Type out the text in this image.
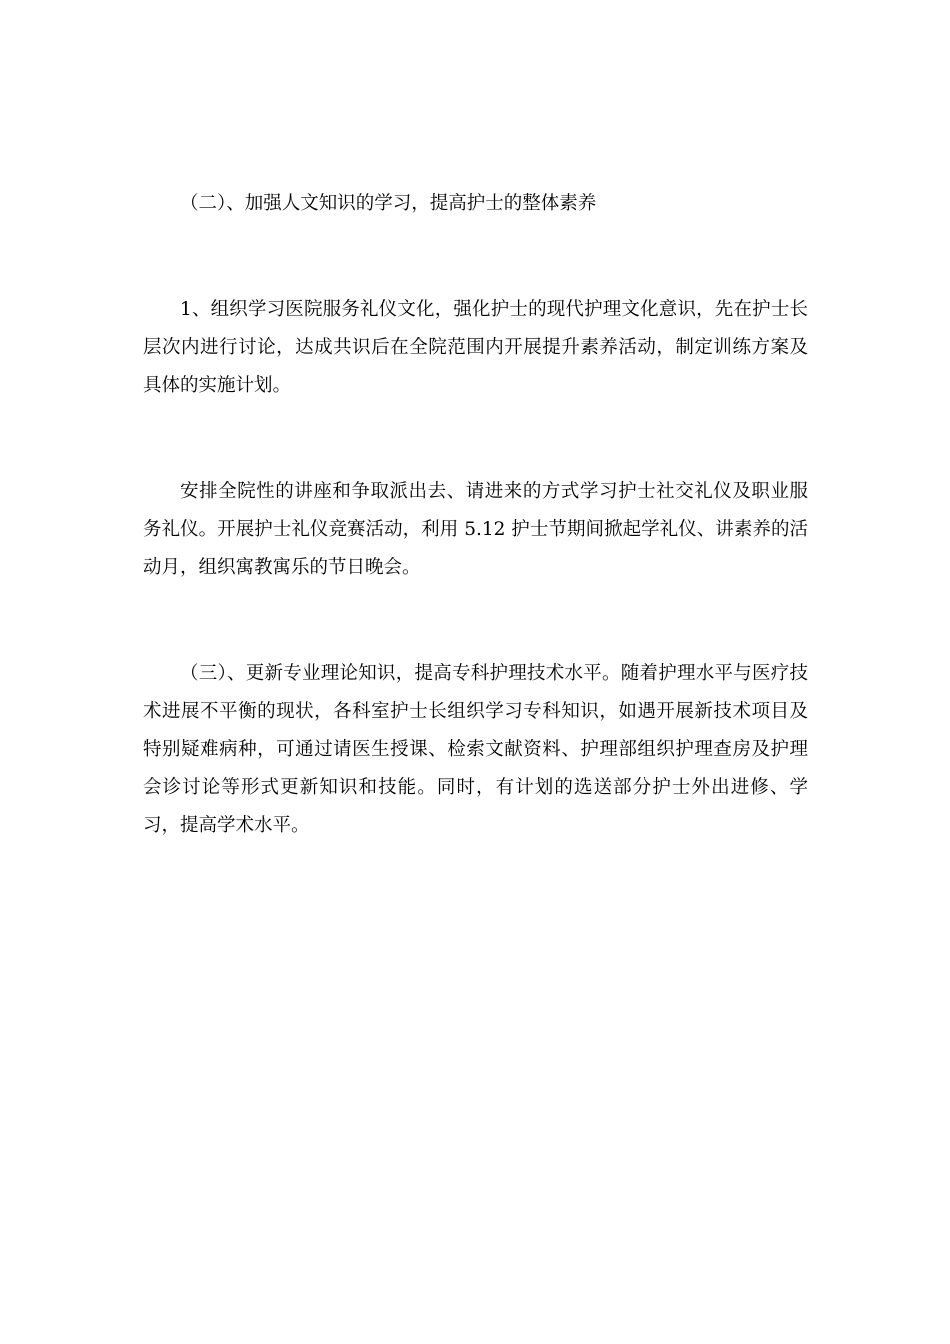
（二）、加强人文知识的学习，提高护士的整体素养

1、组织学习医院服务礼仪文化，强化护士的现代护理文化意识，先在护士长层次内进行讨论，达成共识后在全院范围内开展提升素养活动，制定训练方案及具体的实施计划。

安排全院性的讲座和争取派出去、请进来的方式学习护士社交礼仪及职业服务礼仪。开展护士礼仪竞赛活动，利用 5.12 护士节期间掀起学礼仪、讲素养的活动月，组织寓教寓乐的节日晚会。

（三）、更新专业理论知识，提高专科护理技术水平。随着护理水平与医疗技术进展不平衡的现状，各科室护士长组织学习专科知识，如遇开展新技术项目及特别疑难病种，可通过请医生授课、检索文献资料、护理部组织护理查房及护理会诊讨论等形式更新知识和技能。同时，有计划的选送部分护士外出进修、学习，提高学术水平。
